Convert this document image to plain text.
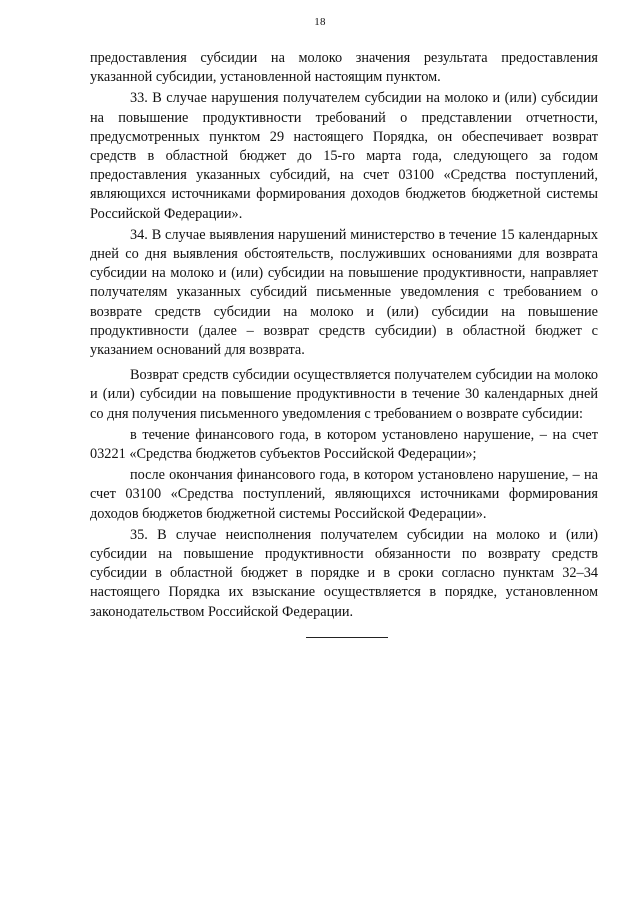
18

предоставления субсидии на молоко значения результата предоставления указанной субсидии, установленной настоящим пунктом.

33. В случае нарушения получателем субсидии на молоко и (или) субсидии на повышение продуктивности требований о представлении отчетности, предусмотренных пунктом 29 настоящего Порядка, он обеспечивает возврат средств в областной бюджет до 15-го марта года, следующего за годом предоставления указанных субсидий, на счет 03100 «Средства поступлений, являющихся источниками формирования доходов бюджетов бюджетной системы Российской Федерации».

34. В случае выявления нарушений министерство в течение 15 календарных дней со дня выявления обстоятельств, послуживших основаниями для возврата субсидии на молоко и (или) субсидии на повышение продуктивности, направляет получателям указанных субсидий письменные уведомления с требованием о возврате средств субсидии на молоко и (или) субсидии на повышение продуктивности (далее – возврат средств субсидии) в областной бюджет с указанием оснований для возврата.

Возврат средств субсидии осуществляется получателем субсидии на молоко и (или) субсидии на повышение продуктивности в течение 30 календарных дней со дня получения письменного уведомления с требованием о возврате субсидии:

в течение финансового года, в котором установлено нарушение, – на счет 03221 «Средства бюджетов субъектов Российской Федерации»;

после окончания финансового года, в котором установлено нарушение, – на счет 03100 «Средства поступлений, являющихся источниками формирования доходов бюджетов бюджетной системы Российской Федерации».

35. В случае неисполнения получателем субсидии на молоко и (или) субсидии на повышение продуктивности обязанности по возврату средств субсидии в областной бюджет в порядке и в сроки согласно пунктам 32–34 настоящего Порядка их взыскание осуществляется в порядке, установленном законодательством Российской Федерации.
